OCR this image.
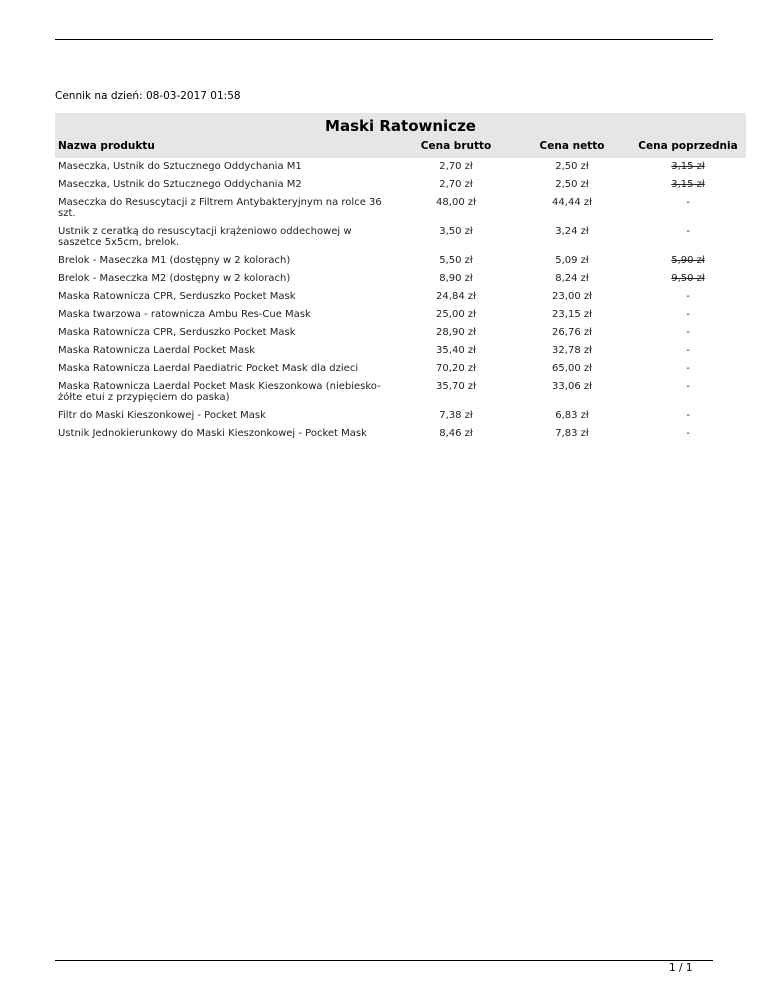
Cennik na dzień: 08-03-2017 01:58
Maski Ratownicze			
Nazwa produktu	Cena brutto	Cena netto	Cena poprzednia
Maseczka, Ustnik do Sztucznego Oddychania M1	2,70 zł	2,50 zł	3,15 zł
Maseczka, Ustnik do Sztucznego Oddychania M2	2,70 zł	2,50 zł	3,15 zł
Maseczka do Resuscytacji z Filtrem Antybakteryjnym na rolce 36 szt.	48,00 zł	44,44 zł	-
Ustnik z ceratką do resuscytacji krążeniowo oddechowej w saszetce 5x5cm, brelok.	3,50 zł	3,24 zł	-
Brelok - Maseczka M1 (dostępny w 2 kolorach)	5,50 zł	5,09 zł	5,90 zł
Brelok - Maseczka M2 (dostępny w 2 kolorach)	8,90 zł	8,24 zł	9,50 zł
Maska Ratownicza CPR, Serduszko Pocket Mask	24,84 zł	23,00 zł	-
Maska twarzowa - ratownicza Ambu Res-Cue Mask	25,00 zł	23,15 zł	-
Maska Ratownicza CPR, Serduszko Pocket Mask	28,90 zł	26,76 zł	-
Maska Ratownicza Laerdal Pocket Mask	35,40 zł	32,78 zł	-
Maska Ratownicza Laerdal Paediatric Pocket Mask dla dzieci	70,20 zł	65,00 zł	-
Maska Ratownicza Laerdal Pocket Mask Kieszonkowa (niebiesko-żółte etui z przypięciem do paska)	35,70 zł	33,06 zł	-
Filtr do Maski Kieszonkowej - Pocket Mask	7,38 zł	6,83 zł	-
Ustnik Jednokierunkowy do Maski Kieszonkowej - Pocket Mask	8,46 zł	7,83 zł	-
1 / 1
